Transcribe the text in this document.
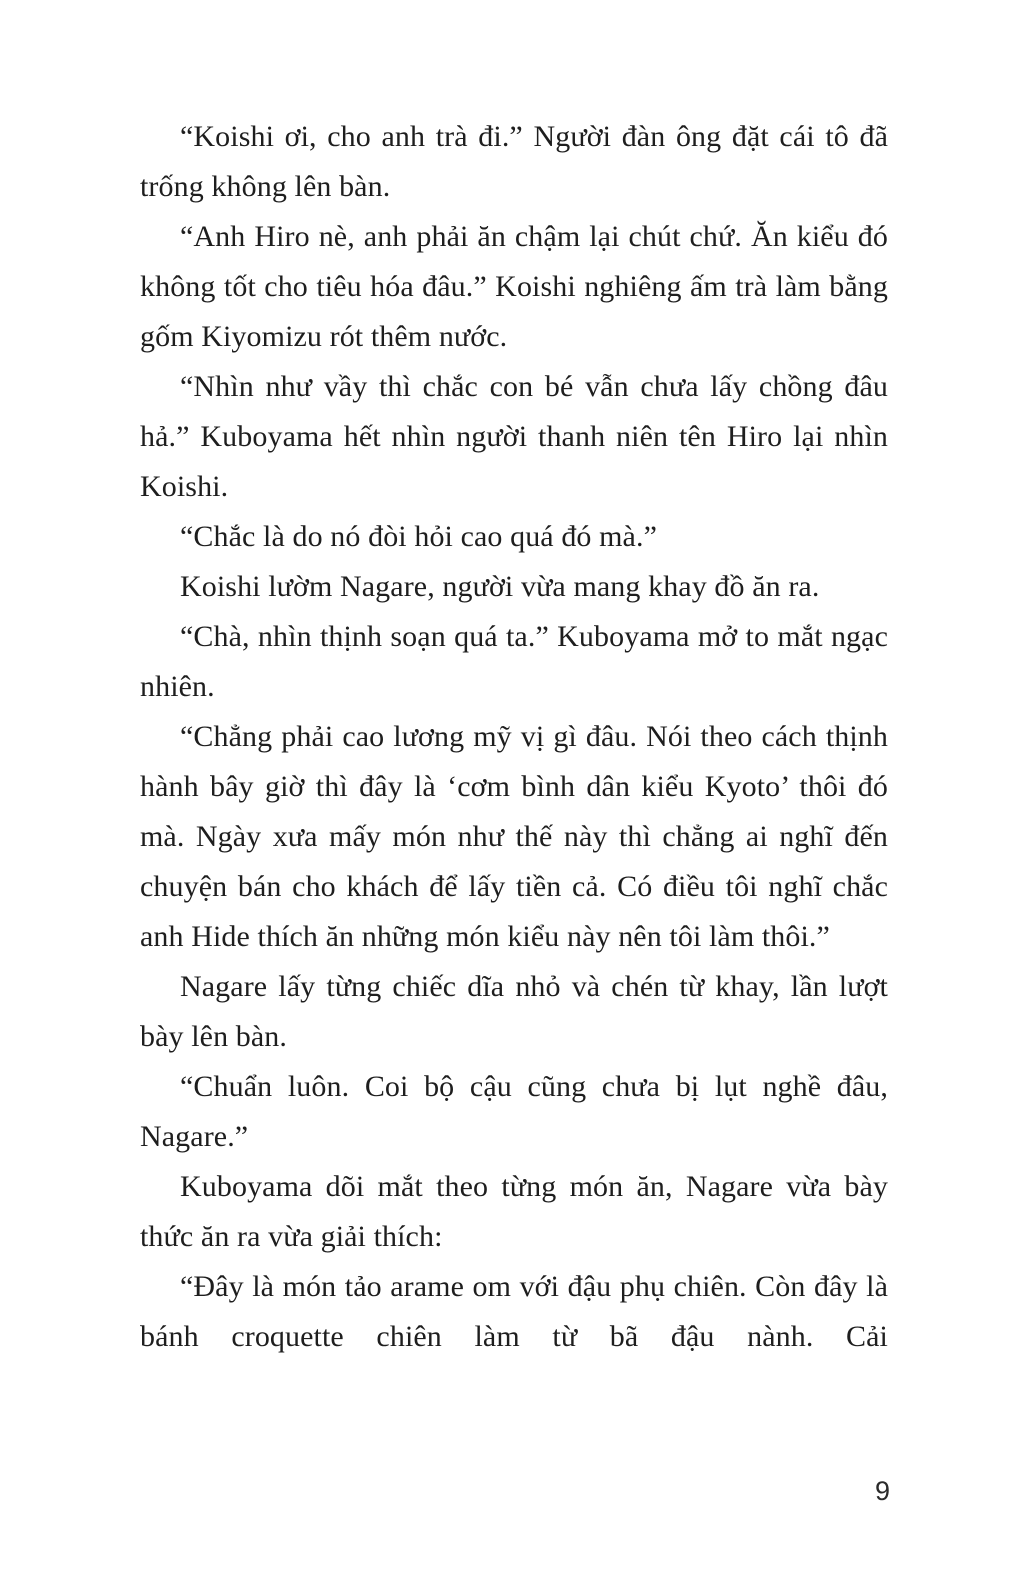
“Koishi ơi, cho anh trà đi.” Người đàn ông đặt cái tô đã trống không lên bàn.

“Anh Hiro nè, anh phải ăn chậm lại chút chứ. Ăn kiểu đó không tốt cho tiêu hóa đâu.” Koishi nghiêng ấm trà làm bằng gốm Kiyomizu rót thêm nước.

“Nhìn như vầy thì chắc con bé vẫn chưa lấy chồng đâu hả.” Kuboyama hết nhìn người thanh niên tên Hiro lại nhìn Koishi.

“Chắc là do nó đòi hỏi cao quá đó mà.”

Koishi lườm Nagare, người vừa mang khay đồ ăn ra.

“Chà, nhìn thịnh soạn quá ta.” Kuboyama mở to mắt ngạc nhiên.

“Chẳng phải cao lương mỹ vị gì đâu. Nói theo cách thịnh hành bây giờ thì đây là ‘cơm bình dân kiểu Kyoto’ thôi đó mà. Ngày xưa mấy món như thế này thì chẳng ai nghĩ đến chuyện bán cho khách để lấy tiền cả. Có điều tôi nghĩ chắc anh Hide thích ăn những món kiểu này nên tôi làm thôi.”

Nagare lấy từng chiếc dĩa nhỏ và chén từ khay, lần lượt bày lên bàn.

“Chuẩn luôn. Coi bộ cậu cũng chưa bị lụt nghề đâu, Nagare.”

Kuboyama dõi mắt theo từng món ăn, Nagare vừa bày thức ăn ra vừa giải thích:

“Đây là món tảo arame om với đậu phụ chiên. Còn đây là bánh croquette chiên làm từ bã đậu nành. Cải

9
